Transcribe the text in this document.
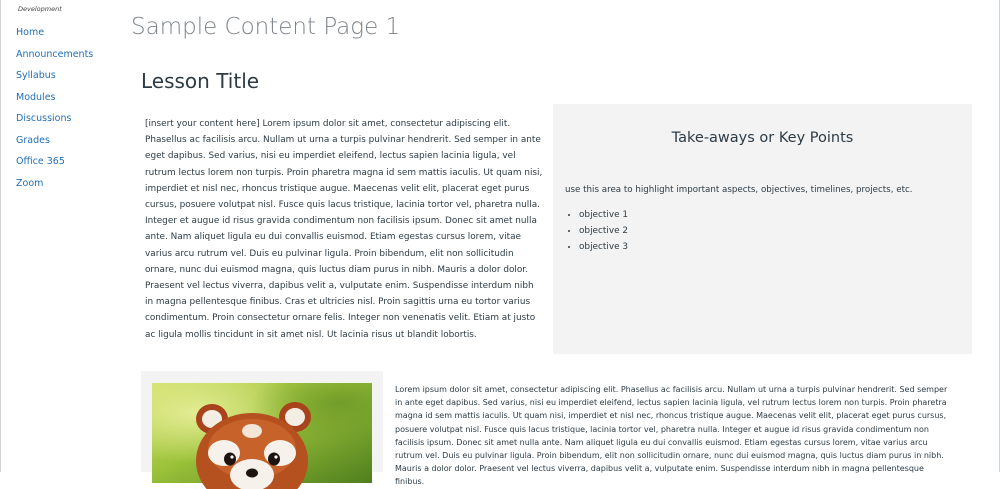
Development
Home
Announcements
Syllabus
Modules
Discussions
Grades
Office 365
Zoom
Sample Content Page 1
Lesson Title

[insert your content here] Lorem ipsum dolor sit amet, consectetur adipiscing elit. Phasellus ac facilisis arcu. Nullam ut urna a turpis pulvinar hendrerit. Sed semper in ante eget dapibus. Sed varius, nisi eu imperdiet eleifend, lectus sapien lacinia ligula, vel rutrum lectus lorem non turpis. Proin pharetra magna id sem mattis iaculis. Ut quam nisi, imperdiet et nisl nec, rhoncus tristique augue. Maecenas velit elit, placerat eget purus cursus, posuere volutpat nisl. Fusce quis lacus tristique, lacinia tortor vel, pharetra nulla. Integer et augue id risus gravida condimentum non facilisis ipsum. Donec sit amet nulla ante. Nam aliquet ligula eu dui convallis euismod. Etiam egestas cursus lorem, vitae varius arcu rutrum vel. Duis eu pulvinar ligula. Proin bibendum, elit non sollicitudin ornare, nunc dui euismod magna, quis luctus diam purus in nibh. Mauris a dolor dolor. Praesent vel lectus viverra, dapibus velit a, vulputate enim. Suspendisse interdum nibh in magna pellentesque finibus. Cras et ultricies nisl. Proin sagittis urna eu tortor varius condimentum. Proin consectetur ornare felis. Integer non venenatis velit. Etiam at justo ac ligula mollis tincidunt in sit amet nisl. Ut lacinia risus ut blandit lobortis.

Take-aways or Key Points

use this area to highlight important aspects, objectives, timelines, projects, etc.

• objective 1
• objective 2
• objective 3

Lorem ipsum dolor sit amet, consectetur adipiscing elit. Phasellus ac facilisis arcu. Nullam ut urna a turpis pulvinar hendrerit. Sed semper in ante eget dapibus. Sed varius, nisi eu imperdiet eleifend, lectus sapien lacinia ligula, vel rutrum lectus lorem non turpis. Proin pharetra magna id sem mattis iaculis. Ut quam nisi, imperdiet et nisl nec, rhoncus tristique augue. Maecenas velit elit, placerat eget purus cursus, posuere volutpat nisl. Fusce quis lacus tristique, lacinia tortor vel, pharetra nulla. Integer et augue id risus gravida condimentum non facilisis ipsum. Donec sit amet nulla ante. Nam aliquet ligula eu dui convallis euismod. Etiam egestas cursus lorem, vitae varius arcu rutrum vel. Duis eu pulvinar ligula. Proin bibendum, elit non sollicitudin ornare, nunc dui euismod magna, quis luctus diam purus in nibh. Mauris a dolor dolor. Praesent vel lectus viverra, dapibus velit a, vulputate enim. Suspendisse interdum nibh in magna pellentesque finibus.
